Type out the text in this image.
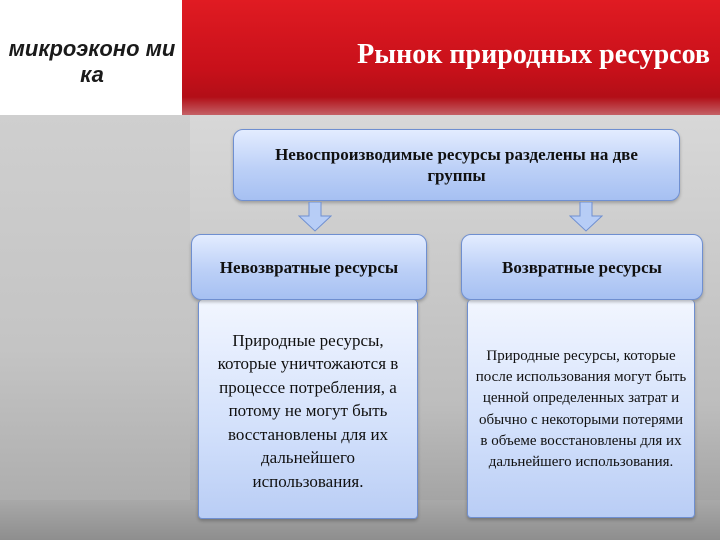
микроэконо мика
Рынок природных ресурсов
Невоспроизводимые ресурсы разделены на две группы
Невозвратные ресурсы
Природные ресурсы, которые уничтожаются в процессе потребления, а потому не могут быть восстановлены для их дальнейшего использования.
Возвратные ресурсы
Природные ресурсы, которые после использования могут быть ценной определенных затрат и обычно с некоторыми потерями в объеме восстановлены для их дальнейшего использования.
